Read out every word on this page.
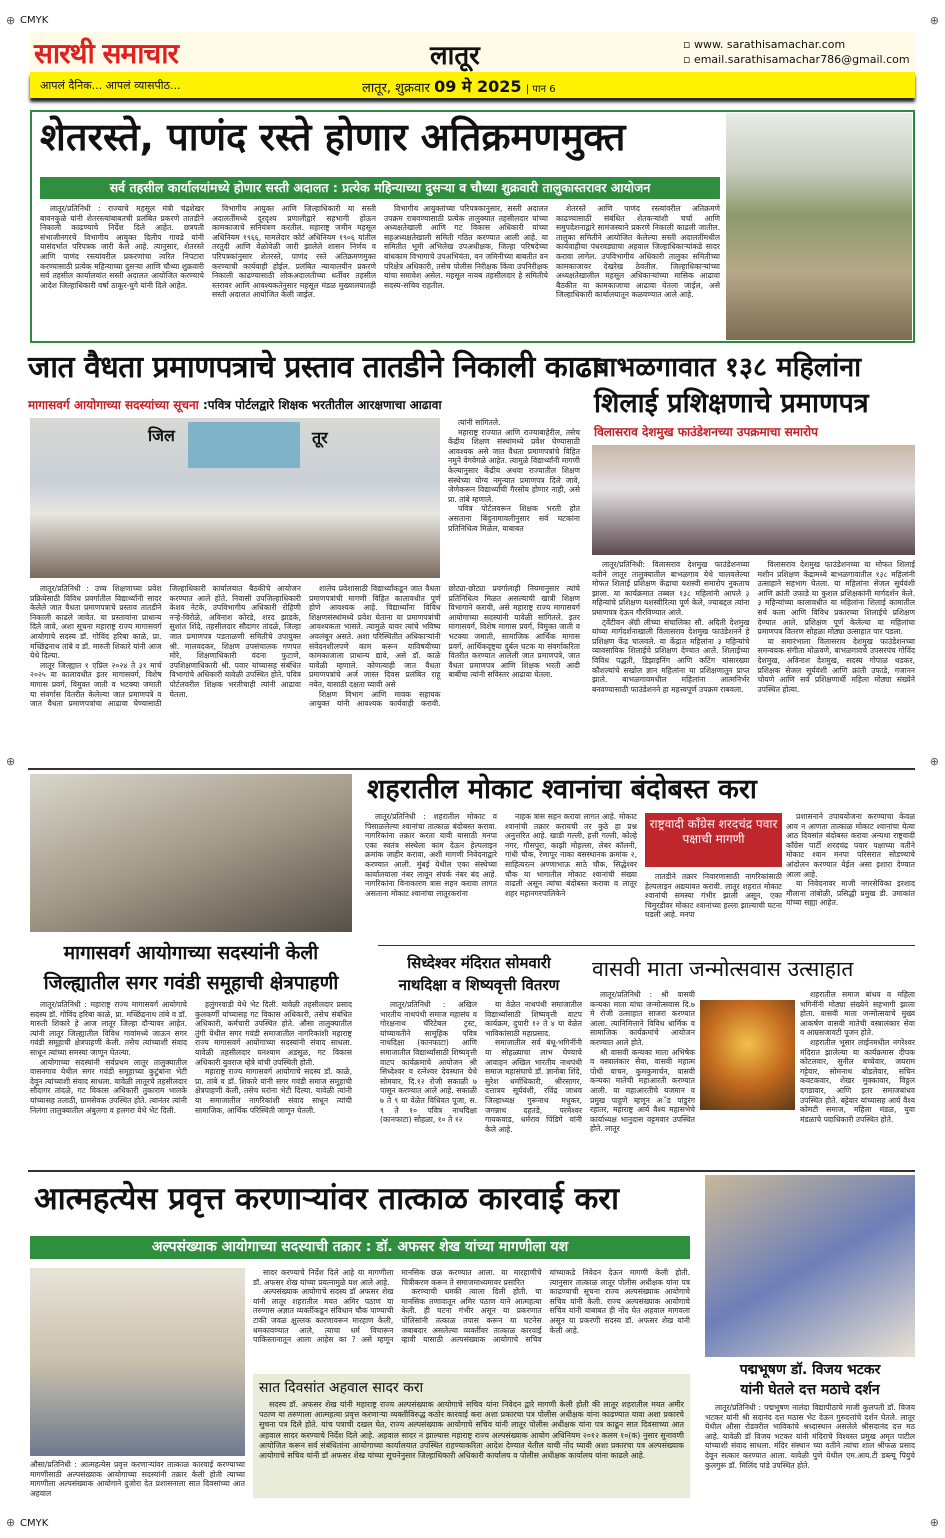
⊕ CMYK	⊕
⊕	⊕
⊕ CMYK	⊕
सारथी समाचार	लातूर	▫ www. sarathisamachar.com
▫ email.sarathisamachar786@gmail.com
आपलं दैनिक... आपलं व्यासपीठ...	लातूर, शुक्रवार 09 मे 2025 | पान 6
शेतरस्ते, पाणंद रस्ते होणार अतिक्रमणमुक्त
सर्व तहसील कार्यालयांमध्ये होणार सस्ती अदालत : प्रत्येक महिन्याच्या दुसऱ्या व चौथ्या शुक्रवारी तालुकास्तरावर आयोजन

लातूर/प्रतिनिधी : राज्याचे महसूल मंत्री चंद्रशेखर बावनकुळे यांनी शेतरस्त्यांबाबतची प्रलंबित प्रकरणे तातडीने निकाली काढण्याचे निर्देश दिले आहेत. छत्रपती संभाजीनगरचे विभागीय आयुक्त दिलीप गावडे यांनी यासंदर्भात परिपत्रक जारी केले आहे. त्यानुसार, शेतरस्ते आणि पाणंद रस्त्यांवरील प्रकरणांचा त्वरित निपटारा करण्यासाठी प्रत्येक महिन्याच्या दुसऱ्या आणि चौथ्या शुक्रवारी सर्व तहसील कार्यालयांत सस्ती अदालत आयोजित करण्याचे आदेश जिल्हाधिकारी वर्षा ठाकूर-घुगे यांनी दिले आहेत.

विभागीय आयुक्त आणि जिल्हाधिकारी या सस्ती अदालतींमध्ये दूरदृश्य प्रणालीद्वारे सहभागी होऊन कामकाजाचे सनियंत्रण करतील. महाराष्ट्र जमीन महसूल अधिनियम १९६६, मामलेदार कोर्ट अधिनियम १९०६ यांतील तरतुदी आणि वेळोवेळी जारी झालेले शासन निर्णय व परिपत्रकांनुसार शेतरस्ते, पाणंद रस्ते अतिक्रमणमुक्त करण्याची कार्यवाही होईल. प्रलंबित न्यायालयीन प्रकरणे निकाली काढण्यासाठी लोकअदालतीच्या धर्तीवर तहसील स्तरावर आणि आवश्यकतेनुसार महसूल मंडळ मुख्यालयातही सस्ती अदालत आयोजित केली जाईल.

विभागीय आयुक्तांच्या परिपत्रकानुसार, सस्ती अदालत उपक्रम राबवण्यासाठी प्रत्येक तालुक्यात तहसीलदार यांच्या अध्यक्षतेखाली आणि गट विकास अधिकारी यांच्या सहअध्यक्षतेखाली समिती गठित करण्यात आली आहे. या समितीत भूमी अभिलेख उपअधीक्षक, जिल्हा परिषदेच्या बांधकाम विभागाचे उपअभियंता, वन जमिनीच्या बाबतीत वन परिक्षेत्र अधिकारी, तसेच पोलीस निरीक्षक किंवा उपनिरीक्षक यांचा समावेश असेल. महसूल नायब तहसीलदार हे समितीचे सदस्य-सचिव राहतील.

शेतरस्ते आणि पाणंद रस्त्यांवरील अतिक्रमणे काढण्यासाठी संबंधित शेतकऱ्यांशी चर्चा आणि समुपदेशनाद्वारे सामंजस्याने प्रकरणे निकाली काढली जातील. तालुका समितीने आयोजित केलेल्या सस्ती अदालतींमधील कार्यवाहीचा पंधरवड्याचा अहवाल जिल्हाधिकाऱ्यांकडे सादर करावा लागेल. उपविभागीय अधिकारी तालुका समितीच्या कामकाजावर देखरेख ठेवतील. जिल्हाधिकाऱ्यांच्या अध्यक्षतेखालील महसूल अधिकाऱ्यांच्या मासिक आढावा बैठकीत या कामकाजाचा आढावा घेतला जाईल, असे जिल्हाधिकारी कार्यालयातून कळवण्यात आले आहे.

जात वैधता प्रमाणपत्राचे प्रस्ताव तातडीने निकाली काढा
मागासवर्ग आयोगाच्या सदस्यांच्या सूचना :पवित्र पोर्टलद्वारे शिक्षक भरतीतील आरक्षणाचा आढावा
जिल	तूर

त्यांनी सांगितले.

महाराष्ट्र राज्यात आणि राज्याबाहेरील, तसेच केंद्रीय शिक्षण संस्थांमध्ये प्रवेश घेण्यासाठी आवश्यक असे जात वैधता प्रमाणपत्रांचे विहित नमुने वेगवेगळे आहेत. त्यामुळे विद्यार्थ्यांनी मागणी केल्यानुसार केंद्रीय अथवा राज्यातील शिक्षण संस्थेच्या योग्य नमुन्यात प्रमाणपत्र दिले जावे, जेणेकरून विद्यार्थ्यांची गैरसोय होणार नाही, असे प्रा. तांबे म्हणाले.

पवित्र पोर्टलवरून शिक्षक भरती होत असताना बिंदुनामावलीनुसार सर्व घटकांना प्रतिनिधित्व मिळेल, याबाबत

लातूर/प्रतिनिधी : उच्च शिक्षणाच्या प्रवेश प्रक्रियेसाठी विविध प्रवर्गातील विद्यार्थ्यांनी सादर केलेले जात वैधता प्रमाणपत्राचे प्रस्ताव तातडीने निकाली काढले जावेत. या प्रस्तावांना प्राधान्य दिले जावे, अशा सूचना महाराष्ट्र राज्य मागासवर्ग आयोगाचे सदस्य डॉ. गोविंद हरिबा काळे, प्रा. मच्छिंद्रनाथ तांबे व डॉ. मारुती शिकारे यांनी आज येथे दिल्या.

लातूर जिल्ह्यात १ एप्रिल २०२४ ते ३१ मार्च २०२५ या कालावधीत इतर मागासवर्ग, विशेष मागास प्रवर्ग, विमुक्त जाती व भटक्या जमाती या संवर्गास वितरीत केलेल्या जात प्रमाणपत्रे व जात वैधता प्रमाणपत्रांचा आढावा घेण्यासाठी जिल्हाधिकारी कार्यालयात बैठकीचे आयोजन करण्यात आले होते. निवासी उपजिल्हाधिकारी केशव नेटके, उपविभागीय अधिकारी रोहिणी नऱ्हे-विरोळे, अविनाश कोरडे, शरद झाडके, सुशांत शिंदे, तहसीलदार सौदागर तांदळे, जिल्हा जात प्रमाणपत्र पडताळणी समितीचे उपायुक्त श्री. मालवदकर, शिक्षण उपसंचालक गणपत मोरे, शिक्षणाधिकारी वंदना फुटाणे, उपशिक्षणाधिकारी श्री. पवार यांच्यासह संबंधित विभागांचे अधिकारी यावेळी उपस्थित होते. पवित्र पोर्टलवरील शिक्षक भरतीचाही त्यांनी आढावा घेतला.

शालेय प्रवेशासाठी विद्यार्थ्यांकडून जात वैधता प्रमाणपत्रांची मागणी विहित कालावधीत पूर्ण होणे आवश्यक आहे. विद्यार्थ्यांना विविध शिक्षणसंस्थांमध्ये प्रवेश घेताना या प्रमाणपत्रांची आवश्यकता भासते. त्यामुळे यावर त्यांचे भविष्य अवलंबून असते. अशा परिस्थितीत अधिकाऱ्यांनी संवेदनशीलपणे काम करून याविषयीच्या कामकाजाला प्राधान्य द्यावे, असे डॉ. काळे यावेळी म्हणाले. कोणत्याही जात वैधता प्रमाणपत्रांचे अर्ज जास्त दिवस प्रलंबित राहू नयेत, यासाठी दक्षता घ्यावी असे

शिक्षण विभाग आणि मावक सहायक आयुक्त यांनी आवश्यक कार्यवाही करावी. छोट्या-छोट्या प्रवर्गालाही नियमानुसार त्यांचे प्रतिनिधित्व मिळत असल्याची खात्री शिक्षण विभागाने करावी, असे महाराष्ट्र राज्य मागासवर्ग आयोगाच्या सदस्यांनी यावेळी सांगितले. इतर मागासवर्ग, विशेष मागास प्रवर्ग, विमुक्त जाती व भटक्या जमाती, सामाजिक आर्थिक मागास प्रवर्ग, आर्थिकदृष्ट्या दुर्बल घटक या संवर्गाकरिता वितरीत करण्यात आलेली जात प्रमाणपत्रे, जात वैधता प्रमाणपत्र आणि शिक्षक भरती आदी बाबींचा त्यांनी सविस्तर आढावा घेतला.

बाभळगावात १३८ महिलांना
शिलाई प्रशिक्षणाचे प्रमाणपत्र
विलासराव देशमुख फाउंडेशनच्या उपक्रमाचा समारोप

लातूर/प्रतिनिधी: विलासराव देशमुख फाउंडेशनच्या वतीने लातूर तालुक्यातील बाभळगाव येथे चालवलेल्या मोफत शिलाई प्रशिक्षण केंद्राचा यशस्वी समारोप नुकताच झाला. या कार्यक्रमात तब्बल १३८ महिलांनी आपले ३ महिन्यांचे प्रशिक्षण यशस्वीरित्या पूर्ण केले, ज्याबद्दल त्यांना प्रमाणपत्र देऊन गौरविण्यात आले.

ट्वेंटीवन ॲग्री लीच्या संचालिका सौ. अदिती देशमुख यांच्या मार्गदर्शनाखाली विलासराव देशमुख फाउंडेशनने हे प्रशिक्षण केंद्र चालवले. या केंद्रात महिलांना ३ महिन्यांचे व्यावसायिक शिलाईचे प्रशिक्षण देण्यात आले. शिलाईच्या विविध पद्धती, डिझाइनिंग आणि कटिंग यांसारख्या कौशल्यांचे सखोल ज्ञान महिलांना या प्रशिक्षणातून प्राप्त झाले. बाभळगावमधील महिलांना आत्मनिर्भर बनवण्यासाठी फाउंडेशनने हा महत्त्वपूर्ण उपक्रम राबवला.

विलासराव देशमुख फाउंडेशनच्या या मोफत शिलाई मशीन प्रशिक्षण केंद्रामध्ये बाभळगावातील १३८ महिलांनी उत्साहाने सहभाग घेतला. या महिलांना सेजल सूर्यवंशी आणि क्रांती उफाडे या कुशल प्रशिक्षकांनी मार्गदर्शन केले. ३ महिन्यांच्या कालावधीत या महिलांना शिलाई कामातील सर्व कला आणि विविध प्रकारच्या शिलाईचे प्रशिक्षण देण्यात आले. प्रशिक्षण पूर्ण केलेल्या या महिलांचा प्रमाणपत्र वितरण सोहळा मोठ्या उत्साहात पार पडला.

या समारंभाला विलासराव देशमुख फाउंडेशनच्या समन्वयक संगीता मोळवणे, बाभळगावचे उपसरपंच गोविंद देशमुख, अविनाश देशमुख, सदस्य गोपाळ थडकर, प्रशिक्षक सेजल सूर्यवंशी आणि क्रांती उफाडे, गजानन चोयणे आणि सर्व प्रशिक्षणार्थी महिला मोठ्या संख्येने उपस्थित होत्या.

शहरातील मोकाट श्वानांचा बंदोबस्त करा

लातूर/प्रतिनिधी : शहरातील मोकाट व पिसाळलेल्या श्वानांचा तात्काळ बंदोबस्त करावा. नागरिकांना तक्रार करता यावी यासाठी मनपा एका स्वतंत्र संस्थेला काम देऊन हेल्पलाइन क्रमांक जाहीर करावा, अशी मागणी निवेदनाद्वारे करण्यात आली. मुंबई येथील एका संस्थेच्या कार्यालयाला नंबर लावून संपर्क नंबर बंद आहे. नागरिकांना विनाकारण त्रास सहन करावा लागत असताना मोकाट श्वानांचा लातूरकरांना

नाहक त्रास सहन करावा लागत आहे. मोकाट श्वानांची तक्रार करायची तर कुठे हा प्रश्न अनुत्तरित आहे. खाडी गल्ली, हत्ती गल्ली, कोल्हे नगर, गौसपुरा, काझी मोहल्ला, लेबर कॉलनी, गांधी चौक, रेणापूर नाका बसस्थानक क्रमांक २, साहित्यरत्न अण्णाभाऊ साठे चौक, सिद्धेश्वर चौक या भागातील मोकाट श्वानांची संख्या वाढली असून त्यांचा बंदोबस्त करावा व लातूर शहर महानगरपालिकेने

राष्ट्रवादी काँग्रेस शरदचंद्र पवार पक्षाची मागणी

तातडीने तक्रार निवारणासाठी नागरिकांसाठी हेल्पलाइन अद्ययावत करावी. लातूर शहरात मोकाट श्वानांची समस्या गंभीर झाली असून, एका चिमुरडीवर मोकाट श्वानांच्या हल्ला झाल्याची घटना घडली आहे. मनपा

प्रशासनाने उपाययोजना करण्याचा केवळ आव न आणता तात्काळ मोकाट श्वानांचा येत्या आठ दिवसांत बंदोबस्त करावा अन्यथा राष्ट्रवादी काँग्रेस पार्टी शरदचंद्र पवार पक्षाच्या वतीने मोकाट श्वान मनपा परिसरात सोडण्याचे आंदोलन करण्यात येईल असा इशारा देण्यात आला आहे.

या निवेदनावर माजी नगरसेविका इरशाद मौलाना तांबोळी, प्रसिद्धी प्रमुख डी. उमाकांत यांच्या सह्या आहेत.

मागासवर्ग आयोगाच्या सदस्यांनी केली
जिल्ह्यातील सगर गवंडी समूहाची क्षेत्रपाहणी

लातूर/प्रतिनिधी : महाराष्ट्र राज्य मागासवर्ग आयोगाचे सदस्य डॉ. गोविंद हरिबा काळे, प्रा. मच्छिंद्रनाथ तांबे व डॉ. मारुती शिकारे हे आज लातूर जिल्हा दौऱ्यावर आहेत. त्यांनी लातूर जिल्ह्यातील विविध गावांमध्ये जाऊन सगर गवंडी समूहाची क्षेत्रपाहणी केली. तसेच त्यांच्याशी संवाद साधून त्यांच्या समस्या जाणून घेतल्या.

आयोगाच्या सदस्यांनी सर्वप्रथम लातूर तालुक्यातील वासनगाव येथील सगर गवंडी समूहाच्या कुटुंबांना भेटी देवून त्यांच्याशी संवाद साधला. यावेळी लातूरचे तहसीलदार सौदागर तांदळे, गट विकास अधिकारी तुकाराम भालके यांच्यासह तलाठी, ग्रामसेवक उपस्थित होते. त्यानंतर त्यांनी निलंगा तालुक्यातील अंबुलगा व हलगरा येथे भेट दिली.

हलुंगरवाडी येथे भेट दिली. यावेळी तहसीलदार प्रसाद कुलकर्णी यांच्यासह गट विकास अधिकारी, तसेच संबंधित अधिकारी, कर्मचारी उपस्थित होते. औसा तालुक्यातील तुंगी येथील सगर गवंडी समाजातील नागरिकांशी महाराष्ट्र राज्य मागासवर्ग आयोगाच्या सदस्यांनी संवाद साधला. यावेळी तहसीलदार घनश्याम अडसूळ, गट विकास अधिकारी युवराज म्हेत्रे यांची उपस्थिती होती.

महाराष्ट्र राज्य मागासवर्ग आयोगाचे सदस्य डॉ. काळे, प्रा. तांबे व डॉ. शिकारे यांनी सगर गवंडी समाज समूहाची क्षेत्रपाहणी केली, तसेच घरांना भेटी दिल्या. यावेळी त्यांनी या समाजातील नागरिकांशी संवाद साधून त्यांची सामाजिक, आर्थिक परिस्थिती जाणून घेतली.

सिध्देश्वर मंदिरात सोमवारी
नाथदिक्षा व शिष्यवृत्ती वितरण

लातूर/प्रतिनिधी : अखिल भारतीय नाथपंथी समाज महासंघ व गोरक्षनाथ चॅरिटेबल ट्रस्ट, यांच्यावतीने सामूहिक पवित्र नाथदिक्षा (कानफाटा) आणि समाजातील विद्यार्थ्यांसाठी शिष्यवृत्ती वाटप कार्यक्रमाचे आयोजन श्री सिध्देश्वर व रत्नेश्वर देवस्थान येथे सोमवार, दि.१२ रोजी सकाळी ७ पासून करण्यात आले आहे. सकाळी ७ ते ९ या वेळेत विधिवत पूजा, स. ९ ते १० पवित्र नाथदिक्षा (कानफाटा) सोहळा, १० ते १२

या वेळेत नाथपंथी समाजातील विद्यार्थ्यांसाठी शिष्यवृत्ती वाटप कार्यक्रम, दुपारी १२ ते ४ या वेळेत भाविकांसाठी महाप्रसाद.

समाजातील सर्व बंधू-भगिनींनी या सोहळ्याचा लाभ घेण्याचे आवाहन अखिल भारतीय नाथपंथी समाज महासंघाचे डॉ. ज्ञानोबा शिंदे, सुरेश धर्माधिकारी, श्रीरसागर, दत्तात्रय सूर्यवंशी, रविंद्र जाधव जिल्हाध्यक्ष गुरूनाथ मधुकर, जगन्नाथ दहतडे, परमेश्वर गायकवाड, धर्मराव पिंडिगे यांनी केले आहे.

वासवी माता जन्मोत्सवास उत्साहात

लातूर/प्रतिनिधी : श्री वासवी कन्यका माता यांचा जन्मोत्सवास दि.७ मे रोजी उत्साहात साजरा करण्यात आला. त्यानिमित्ताने विविध धार्मिक व सामाजिक कार्यक्रमांचे आयोजन करण्यात आले होते.

श्री वासवी कन्यका माता अभिषेक व वस्त्रालंकार सेवा, वासवी महात्म पोथी वाचन, कुमकुमार्चन, वासवी कन्यका मातेची महाआरती करण्यात आली. या महाआरतीचे यजमान व प्रमुख पाहुणे म्हणून अॅड पांडुरंग रहातर, महाराष्ट्र आर्य वैश्य महासभेचे कार्याध्यक्ष भानुदास वट्टमवार उपस्थित होते. लातूर

शहरातील समाज बांधव व महिला भगिनींनी मोठ्या संख्येने सहभागी झाला होता. वासवी माता जन्मोत्सवाचे मुख्य आकर्षण वासवी मातेची वस्त्रालंकार सेवा व आम्रसजावटी पूजन होते.

शहरातील भूसार लाईनमधील नगरेश्वर मंदिरात झालेल्या या कार्यक्रमास दीपक कोटलवार, सुनील बच्चेवार, जयराम गट्टेवार, सोमनाथ बोडलेवार, सचिन कवटकवार, शेखर मुक्कावार, विठ्ठल दगडावार, आणि इतर समाजबांधव उपस्थित होते. बट्टेवार यांच्यासह आर्य वैश्य कोमटी समाज, महिला मंडळ, युवा मंडळाचे पदाधिकारी उपस्थित होते.

आत्महत्येस प्रवृत्त करणाऱ्यांवर तात्काळ कारवाई करा
अल्पसंख्याक आयोगाच्या सदस्याची तक्रार : डॉ. अफसर शेख यांच्या मागणीला यश
औसा/प्रतिनिधी : आत्महत्येस प्रवृत्त करणाऱ्यांवर तात्काळ कारवाई करण्याच्या मागणीसाठी अल्पसंख्याक आयोगाच्या सदस्यांनी तक्रार केली होती त्याच्या मागणीला अल्पसंख्याक आयोगाने दुजोरा देत प्रशासनाला सात दिवसांच्या आत अहवाल

सादर करण्याचे निर्देश दिले आहे या मागणीला डॉ. अफसर शेख यांच्या प्रयत्नामुळे यश आले आहे.

अल्पसंख्याक आयोगाचे सदस्य डॉ अफसर शेख यांनी लातूर शहरातील मयत अमिर पठाण या तरुणास अज्ञात व्यक्तींकडून संविधान चौक पाण्याची टाकी जवळ क्षुल्लक कारणावरून मारहाण केली, धमकावण्यात आले, त्याचा धर्म विचारून पाकिस्तानातून आला आहेस का ? असे म्हणून मानसिक छळ करण्यात आला. या मारहाणीचे चित्रीकरण करून ते समाजमाध्यमावर प्रसारित

करण्याची धमकी त्याला दिली होती. या मानसिक तणावातून अमिर पठाण याने आत्महत्या केली. ही घटना गंभीर असून या प्रकरणात पोलिसांनी तत्काळ तपास करून या घटनेस जबाबदार असलेल्या व्यक्तींवर तात्काळ कारवाई व्हावी यासाठी अल्पसंख्याक आयोगाचे सचिव यांच्याकडे निवेदन देऊन मागणी केली होती. त्यानुसार तात्काळ लातूर पोलीस अधीक्षक यांना पत्र काढण्याची सूचना राज्य अल्पसंख्याक आयोगाचे सचिव यांनी केली. राज्य अल्पसंख्याक आयोगाचे सचिव यांनी याबाबत ही नोंद घेत अहवाल मागवला असून या प्रकरणी सदस्य डॉ. अफसर शेख यांनी केली आहे.

सात दिवसांत अहवाल सादर करा

सदस्य डॉ. अफसर शेख यांनी महाराष्ट्र राज्य अल्पसंख्याक आयोगाचे सचिव यांना निवेदन द्वारे मागणी केली होती की लातूर शहरातील मयत अमीर पठाण या तरुणाला आत्महत्या प्रवृत्त करणाऱ्या व्यक्तीविरुद्ध कठोर कारवाई करा अशा प्रकारचा पत्र पोलीस अधीक्षक यांना काढण्यात यावा अशा प्रकारचे सुचना पत्र दिले होते. यांच पत्राची दखल घेत, राज्य अल्पसंख्याक आयोगाचे सचिव यांनी लातूर पोलीस अधीक्षक यांना पत्र काढून सात दिवसाच्या आत अहवाल सादर करण्याचे निर्देश दिले आहे. अहवाल सादर न झाल्यास महाराष्ट्र राज्य अल्पसंख्याक आयोग अधिनियम २०१२ कलम १०(क) नुसार सुनावणी आयोजित करून सर्व संबंधितांना आयोगाच्या कार्यालयात उपस्थित राहण्याकरिता आदेश देण्यात येतील याची नोंद घ्यावी अशा प्रकारचा पत्र अल्पसंख्याक आयोगाचे सचिव यांनी डॉ अफसर शेख यांच्या सूचनेनुसार जिल्हाधिकारी अधिकारी कार्यालय व पोलीस अधीक्षक कार्यालय यांना काढले आहे.

पद्मभूषण डॉ. विजय भटकर
यांनी घेतले दत्त मठाचे दर्शन

लातूर/प्रतिनिधी : पद्मभूषण नालंदा विद्यापीठाचे माजी कुलपती डॉ. विजय भटकर यांनी श्री सदानंद दत्त मठास भेट देऊन गुरुदत्तांचे दर्शन घेतले. लातूर येथील औसा रोडवरील भाविकांचे श्रध्दास्थान असलेले श्रीसदानंद दत्त मठ आहे. यावेळी डॉ विजय भटकर यांनी मंदिराचे विश्वस्त प्रमुख अमृत पाटील यांच्याशी संवाद साधला. मंदिर संस्थान च्या वतीने त्यांचा शाल श्रीफळ प्रसाद देवून सत्कार करण्यात आला. यावेळी पुणे येथील एम.आय.टी डब्ल्यू पियुचे कुलगुरू डॉ. मिलिंद पांडे उपस्थित होते.
